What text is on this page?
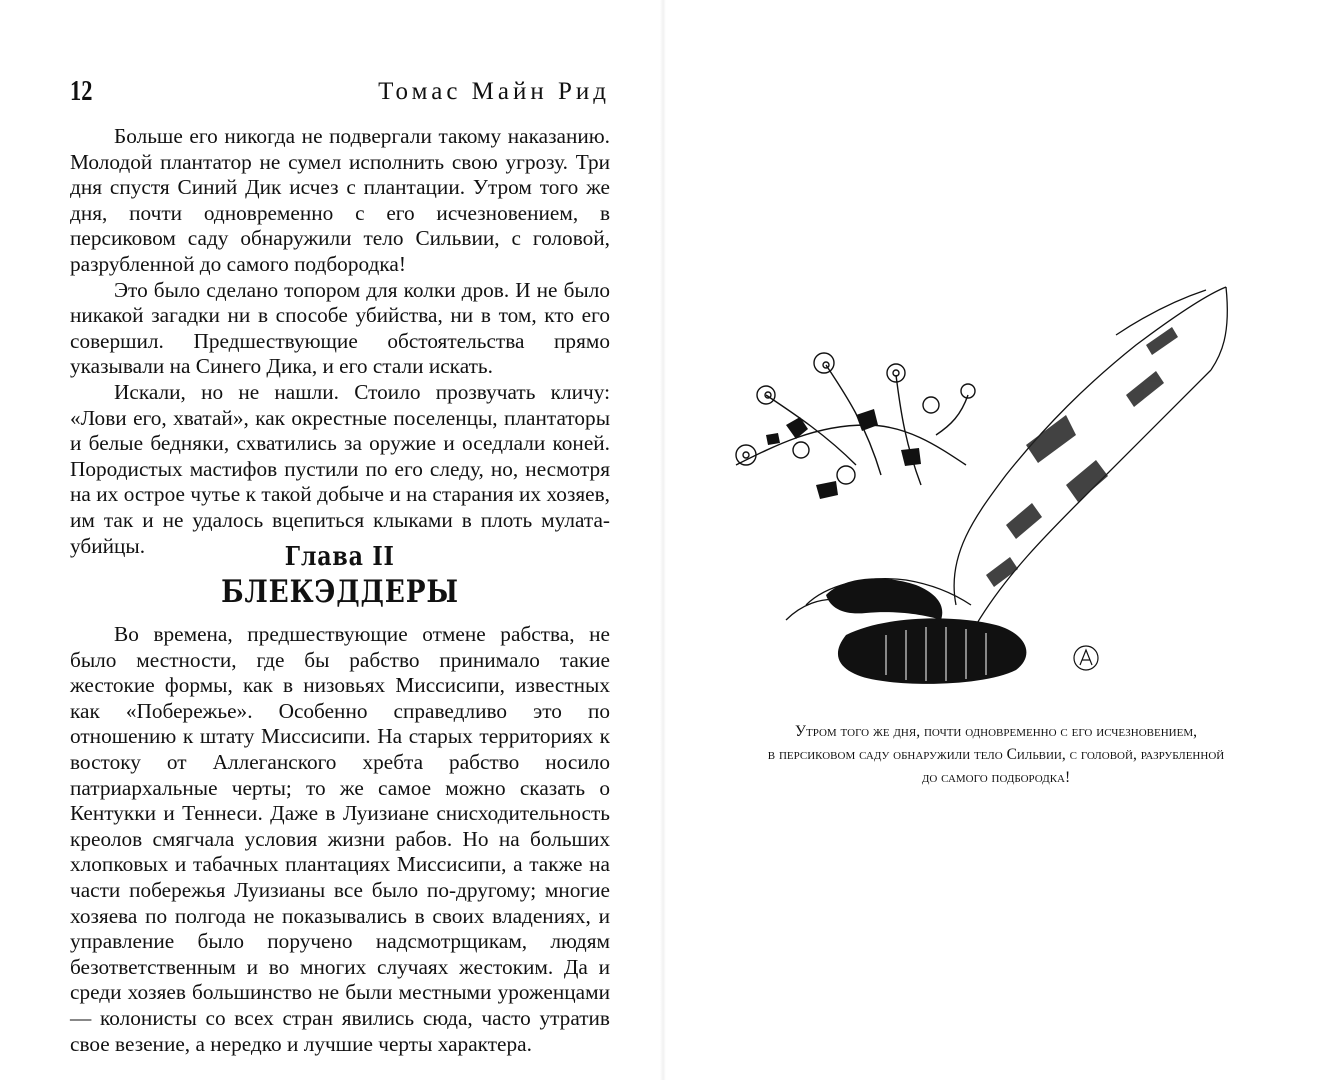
12	Томас Майн Рид

Больше его никогда не подвергали такому наказанию. Молодой плантатор не сумел исполнить свою угрозу. Три дня спустя Синий Дик исчез с плантации. Утром того же дня, почти одновременно с его исчезновением, в персиковом саду обнаружили тело Сильвии, с головой, разрубленной до самого подбородка!

Это было сделано топором для колки дров. И не было никакой загадки ни в способе убийства, ни в том, кто его совершил. Предшествующие обстоятельства прямо указывали на Синего Дика, и его стали искать.

Искали, но не нашли. Стоило прозвучать кличу: «Лови его, хватай», как окрестные поселенцы, плантаторы и белые бедняки, схватились за оружие и оседлали коней. Породистых мастифов пустили по его следу, но, несмотря на их острое чутье к такой добыче и на старания их хозяев, им так и не удалось вцепиться клыками в плоть мулата-убийцы.	Глава II
БЛЕКЭДДЕРЫ

Во времена, предшествующие отмене рабства, не было местности, где бы рабство принимало такие жестокие формы, как в низовьях Миссисипи, известных как «Побережье». Особенно справедливо это по отношению к штату Миссисипи. На старых территориях к востоку от Аллеганского хребта рабство носило патриархальные черты; то же самое можно сказать о Кентукки и Теннеси. Даже в Луизиане снисходительность креолов смягчала условия жизни рабов. Но на больших хлопковых и табачных плантациях Миссисипи, а также на части побережья Луизианы все было по-другому; многие хозяева по полгода не показывались в своих владениях, и управление было поручено надсмотрщикам, людям безответственным и во многих случаях жестоким. Да и среди хозяев большинство не были местными уроженцами — колонисты со всех стран явились сюда, часто утратив свое везение, а нередко и лучшие черты характера.

Утром того же дня, почти одновременно с его исчезновением,
в персиковом саду обнаружили тело Сильвии, с головой, разрубленной
до самого подбородка!
